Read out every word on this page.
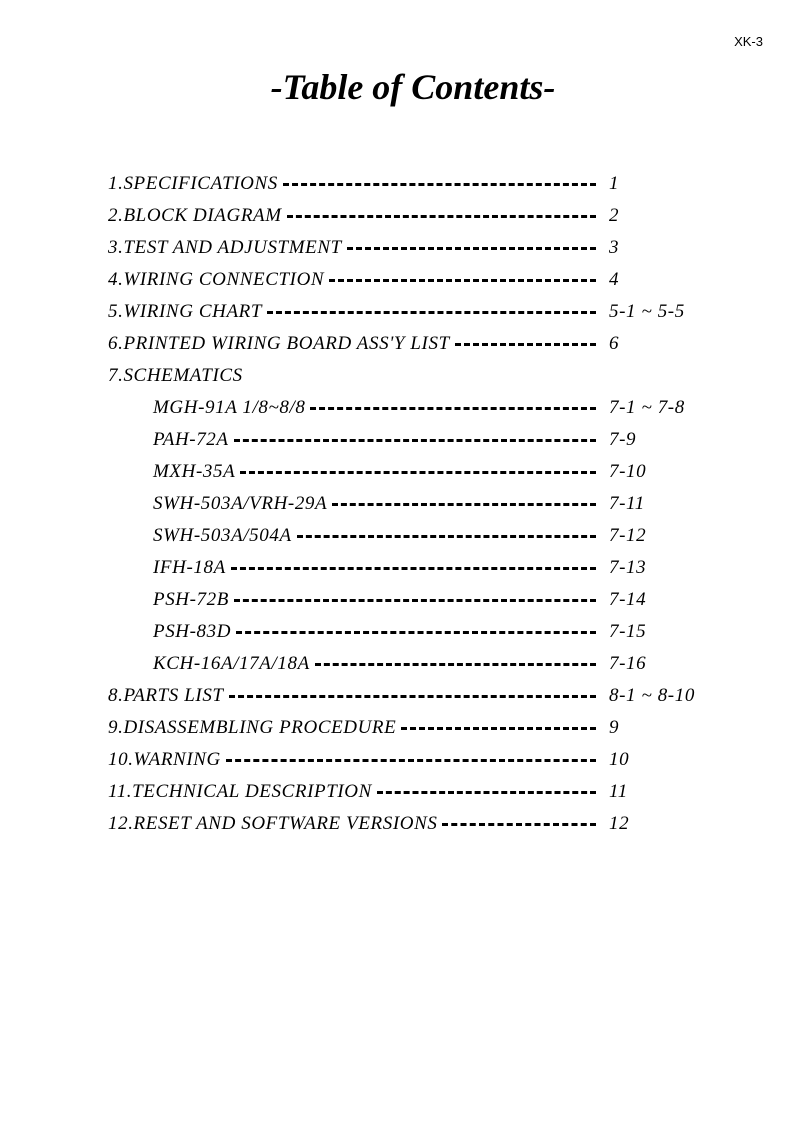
XK-3
-Table of Contents-
1
1.SPECIFICATIONS
2
2.BLOCK DIAGRAM
3
3.TEST AND ADJUSTMENT
4
4.WIRING CONNECTION
5-1 ~ 5-5
5.WIRING CHART
6
6.PRINTED WIRING BOARD ASS'Y LIST
7.SCHEMATICS
7-1 ~ 7-8
MGH-91A 1/8~8/8
7-9
PAH-72A
7-10
MXH-35A
7-11
SWH-503A/VRH-29A
7-12
SWH-503A/504A
7-13
IFH-18A
7-14
PSH-72B
7-15
PSH-83D
7-16
KCH-16A/17A/18A
8-1 ~ 8-10
8.PARTS LIST
9
9.DISASSEMBLING PROCEDURE
10
10.WARNING
11
11.TECHNICAL DESCRIPTION
12
12.RESET AND SOFTWARE VERSIONS
